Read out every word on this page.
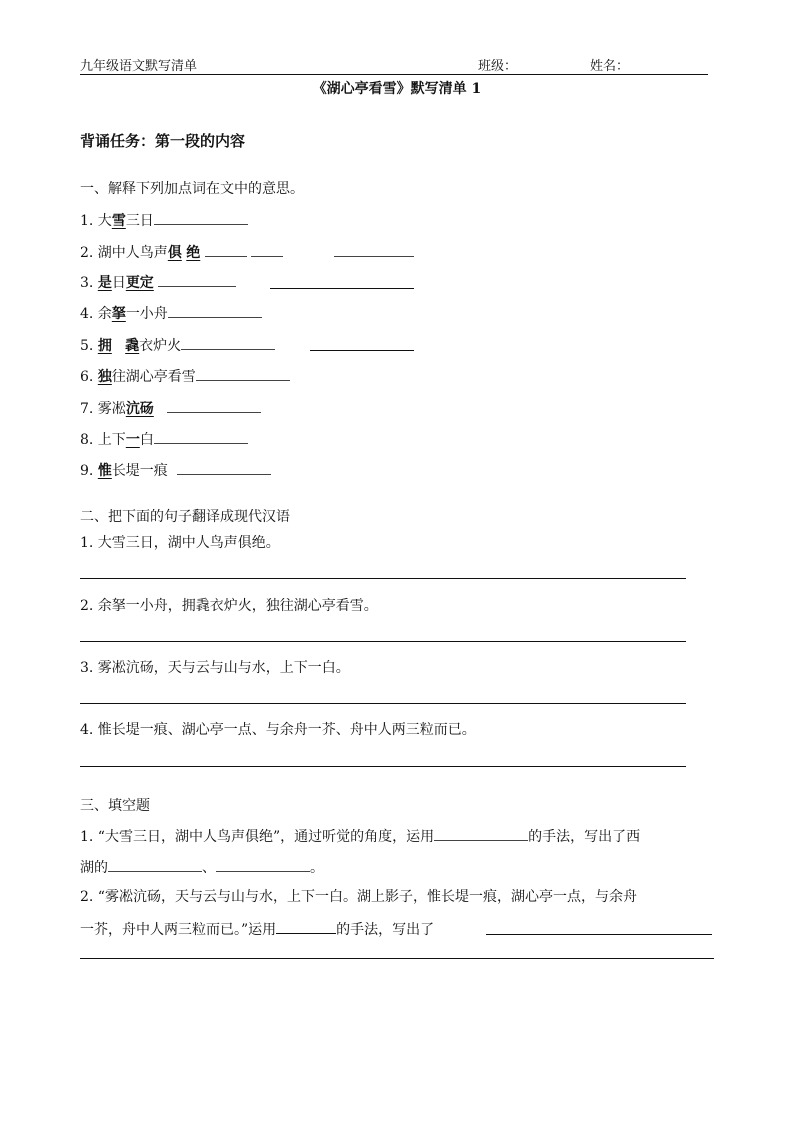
九年级语文默写清单	班级：	姓名：
《湖心亭看雪》默写清单 1
背诵任务：第一段的内容
一、解释下列加点词在文中的意思。
1. 大雪三日
2. 湖中人鸟声俱 绝
3. 是日更定
4. 余拏一小舟
5. 拥 毳衣炉火
6. 独往湖心亭看雪
7. 雾凇沆砀
8. 上下一白
9. 惟长堤一痕
二、把下面的句子翻译成现代汉语
1. 大雪三日，湖中人鸟声俱绝。
2. 余拏一小舟，拥毳衣炉火，独往湖心亭看雪。
3. 雾凇沆砀，天与云与山与水，上下一白。
4. 惟长堤一痕、湖心亭一点、与余舟一芥、舟中人两三粒而已。
三、填空题
1. “大雪三日，湖中人鸟声俱绝”，通过听觉的角度，运用	的手法，写出了西
湖的	、	。
2. “雾凇沆砀，天与云与山与水，上下一白。湖上影子，惟长堤一痕，湖心亭一点，与余舟
一芥，舟中人两三粒而已。”运用	的手法，写出了
